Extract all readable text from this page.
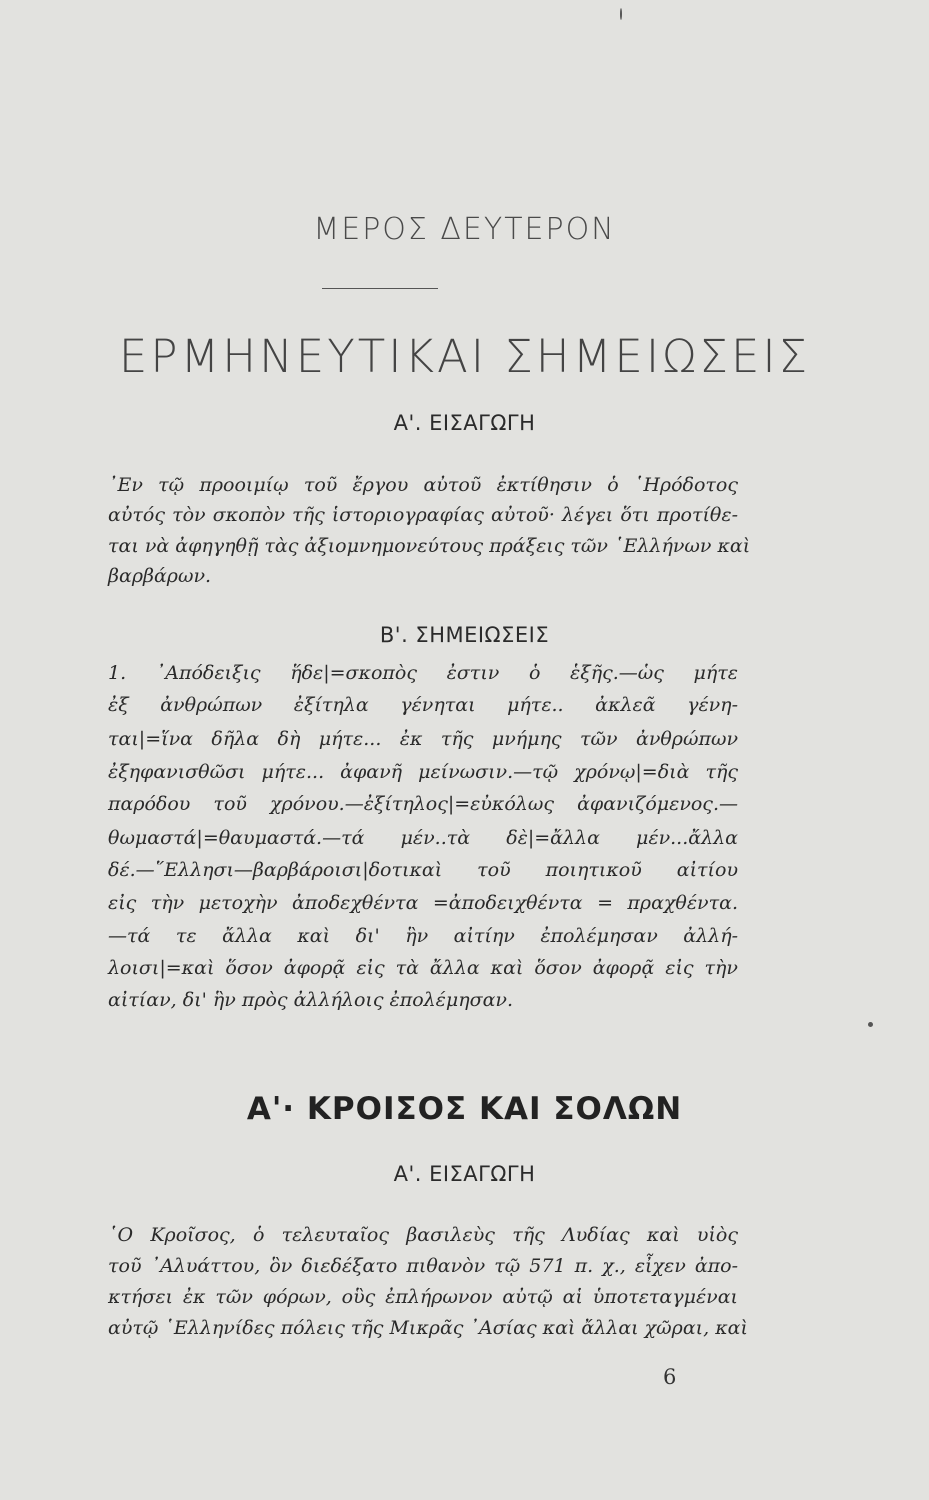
ΜΕΡΟΣ ΔΕΥΤΕΡΟΝ
ΕΡΜΗΝΕΥΤΙΚΑΙ ΣΗΜΕΙΩΣΕΙΣ
Α'. ΕΙΣΑΓΩΓΗ
᾿Εν τῷ προοιμίῳ τοῦ ἔργου αὐτοῦ ἐκτίθησιν ὁ ῾Ηρόδοτος
αὐτός τὸν σκοπὸν τῆς ἱστοριογραφίας αὐτοῦ· λέγει ὅτι προτίθε-
ται νὰ ἀφηγηθῇ τὰς ἀξιομνημονεύτους πράξεις τῶν ῾Ελλήνων καὶ
βαρβάρων.
Β'. ΣΗΜΕΙΩΣΕΙΣ
1. ᾿Απόδειξις ἥδε|=σκοπὸς ἐστιν ὁ ἑξῆς.—ὡς μήτε
ἐξ ἀνθρώπων ἐξίτηλα γένηται μήτε.. ἀκλεᾶ γένη-
ται|=ἵνα δῆλα δὴ μήτε... ἐκ τῆς μνήμης τῶν ἀνθρώπων
ἐξηφανισθῶσι μήτε... ἀφανῆ μείνωσιν.—τῷ χρόνῳ|=διὰ τῆς
παρόδου τοῦ χρόνου.—ἐξίτηλος|=εὐκόλως ἀφανιζόμενος.—
θωμαστά|=θαυμαστά.—τά μέν..τὰ δὲ|=ἄλλα μέν...ἄλλα
δέ.—῞Ελλησι—βαρβάροισι|δοτικαὶ τοῦ ποιητικοῦ αἰτίου
εἰς τὴν μετοχὴν ἀποδεχθέντα =ἀποδειχθέντα = πραχθέντα.
—τά τε ἄλλα καὶ δι' ἣν αἰτίην ἐπολέμησαν ἀλλή-
λοισι|=καὶ ὅσον ἀφορᾷ εἰς τὰ ἄλλα καὶ ὅσον ἀφορᾷ εἰς τὴν
αἰτίαν, δι' ἣν πρὸς ἀλλήλοις ἐπολέμησαν.
Α'· ΚΡΟΙΣΟΣ ΚΑΙ ΣΟΛΩΝ
Α'. ΕΙΣΑΓΩΓΗ
῾Ο Κροῖσος, ὁ τελευταῖος βασιλεὺς τῆς Λυδίας καὶ υἱὸς
τοῦ ᾿Αλυάττου, ὃν διεδέξατο πιθανὸν τῷ 571 π. χ., εἶχεν ἀπο-
κτήσει ἐκ τῶν φόρων, οὓς ἐπλήρωνον αὐτῷ αἱ ὑποτεταγμέναι
αὐτῷ ῾Ελληνίδες πόλεις τῆς Μικρᾶς ᾿Ασίας καὶ ἄλλαι χῶραι, καὶ
6
